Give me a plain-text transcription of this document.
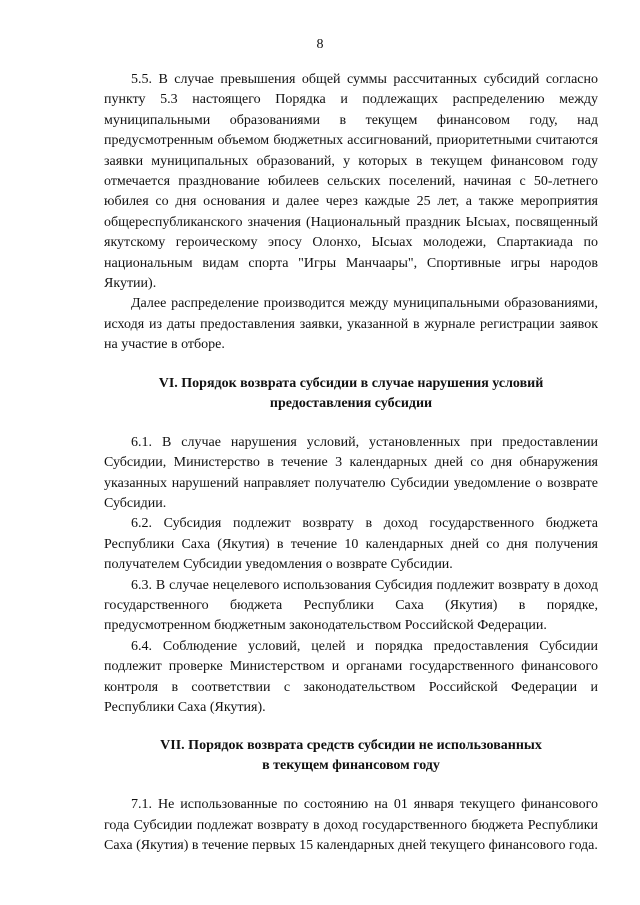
8

5.5. В случае превышения общей суммы рассчитанных субсидий согласно пункту 5.3 настоящего Порядка и подлежащих распределению между муниципальными образованиями в текущем финансовом году, над предусмотренным объемом бюджетных ассигнований, приоритетными считаются заявки муниципальных образований, у которых в текущем финансовом году отмечается празднование юбилеев сельских поселений, начиная с 50-летнего юбилея со дня основания и далее через каждые 25 лет, а также мероприятия общереспубликанского значения (Национальный праздник Ысыах, посвященный якутскому героическому эпосу Олонхо, Ысыах молодежи, Спартакиада по национальным видам спорта "Игры Манчаары", Спортивные игры народов Якутии).

Далее распределение производится между муниципальными образованиями, исходя из даты предоставления заявки, указанной в журнале регистрации заявок на участие в отборе.

VI. Порядок возврата субсидии в случае нарушения условий
предоставления субсидии

6.1. В случае нарушения условий, установленных при предоставлении Субсидии, Министерство в течение 3 календарных дней со дня обнаружения указанных нарушений направляет получателю Субсидии уведомление о возврате Субсидии.

6.2. Субсидия подлежит возврату в доход государственного бюджета Республики Саха (Якутия) в течение 10 календарных дней со дня получения получателем Субсидии уведомления о возврате Субсидии.

6.3. В случае нецелевого использования Субсидия подлежит возврату в доход государственного бюджета Республики Саха (Якутия) в порядке, предусмотренном бюджетным законодательством Российской Федерации.

6.4. Соблюдение условий, целей и порядка предоставления Субсидии подлежит проверке Министерством и органами государственного финансового контроля в соответствии с законодательством Российской Федерации и Республики Саха (Якутия).

VII. Порядок возврата средств субсидии не использованных
в текущем финансовом году

7.1. Не использованные по состоянию на 01 января текущего финансового года Субсидии подлежат возврату в доход государственного бюджета Республики Саха (Якутия) в течение первых 15 календарных дней текущего финансового года.
